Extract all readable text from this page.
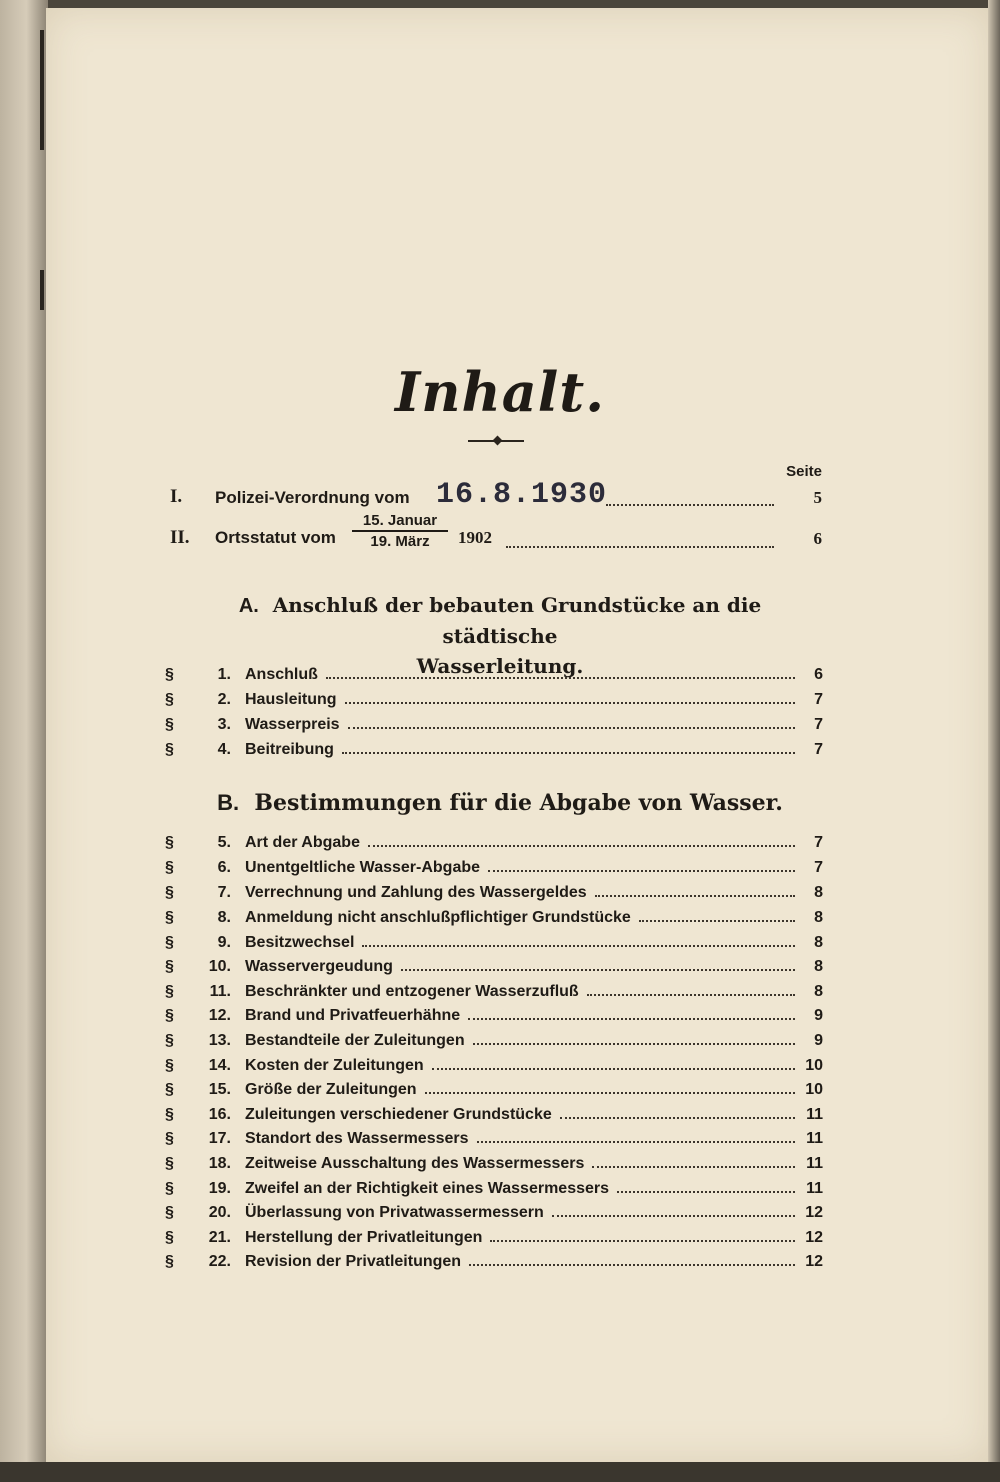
Inhalt.
Seite
I. Polizei-Verordnung vom 16.8.1930	5
II. Ortsstatut vom
15. Januar
19. März	1902	6
A. Anschluß der bebauten Grundstücke an die städtische
Wasserleitung.
§	1. Anschluß	6
§	2. Hausleitung	7
§	3. Wasserpreis	7
§	4. Beitreibung	7
B. Bestimmungen für die Abgabe von Wasser.
§	5. Art der Abgabe	7
§	6. Unentgeltliche Wasser-Abgabe	7
§	7. Verrechnung und Zahlung des Wassergeldes	8
§	8. Anmeldung nicht anschlußpflichtiger Grundstücke	8
§	9. Besitzwechsel	8
§	10. Wasservergeudung	8
§	11. Beschränkter und entzogener Wasserzufluß	8
§	12. Brand und Privatfeuerhähne	9
§	13. Bestandteile der Zuleitungen	9
§	14. Kosten der Zuleitungen	10
§	15. Größe der Zuleitungen	10
§	16. Zuleitungen verschiedener Grundstücke	11
§	17. Standort des Wassermessers	11
§	18. Zeitweise Ausschaltung des Wassermessers	11
§	19. Zweifel an der Richtigkeit eines Wassermessers	11
§	20. Überlassung von Privatwassermessern	12
§	21. Herstellung der Privatleitungen	12
§	22. Revision der Privatleitungen	12
